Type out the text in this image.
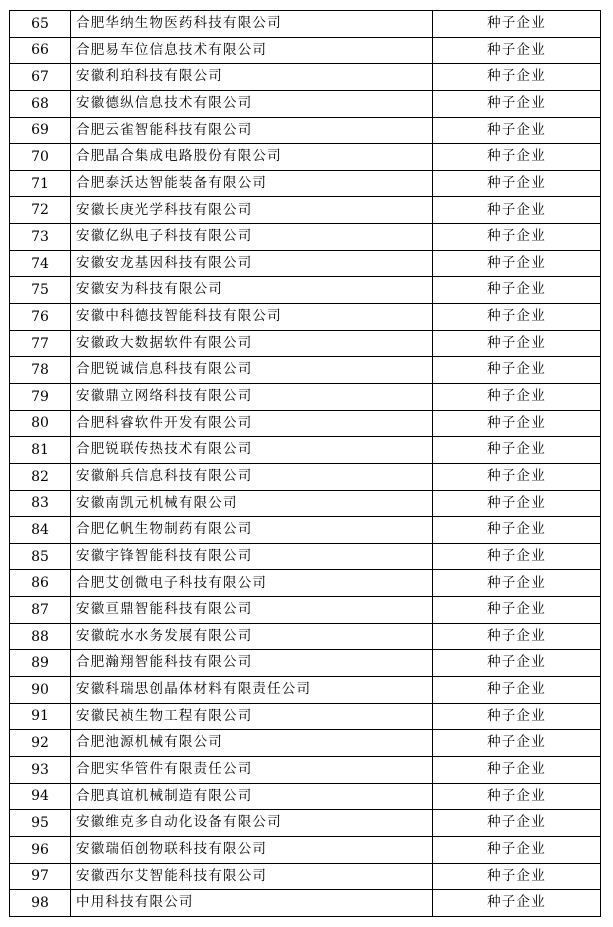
65	合肥华纳生物医药科技有限公司	种子企业
66	合肥易车位信息技术有限公司	种子企业
67	安徽利珀科技有限公司	种子企业
68	安徽德纵信息技术有限公司	种子企业
69	合肥云雀智能科技有限公司	种子企业
70	合肥晶合集成电路股份有限公司	种子企业
71	合肥泰沃达智能装备有限公司	种子企业
72	安徽长庚光学科技有限公司	种子企业
73	安徽亿纵电子科技有限公司	种子企业
74	安徽安龙基因科技有限公司	种子企业
75	安徽安为科技有限公司	种子企业
76	安徽中科德技智能科技有限公司	种子企业
77	安徽政大数据软件有限公司	种子企业
78	合肥锐诚信息科技有限公司	种子企业
79	安徽鼎立网络科技有限公司	种子企业
80	合肥科睿软件开发有限公司	种子企业
81	合肥锐联传热技术有限公司	种子企业
82	安徽斛兵信息科技有限公司	种子企业
83	安徽南凯元机械有限公司	种子企业
84	合肥亿帆生物制药有限公司	种子企业
85	安徽宇锋智能科技有限公司	种子企业
86	合肥艾创微电子科技有限公司	种子企业
87	安徽亘鼎智能科技有限公司	种子企业
88	安徽皖水水务发展有限公司	种子企业
89	合肥瀚翔智能科技有限公司	种子企业
90	安徽科瑞思创晶体材料有限责任公司	种子企业
91	安徽民祯生物工程有限公司	种子企业
92	合肥池源机械有限公司	种子企业
93	合肥实华管件有限责任公司	种子企业
94	合肥真谊机械制造有限公司	种子企业
95	安徽维克多自动化设备有限公司	种子企业
96	安徽瑞佰创物联科技有限公司	种子企业
97	安徽西尔艾智能科技有限公司	种子企业
98	中用科技有限公司	种子企业
